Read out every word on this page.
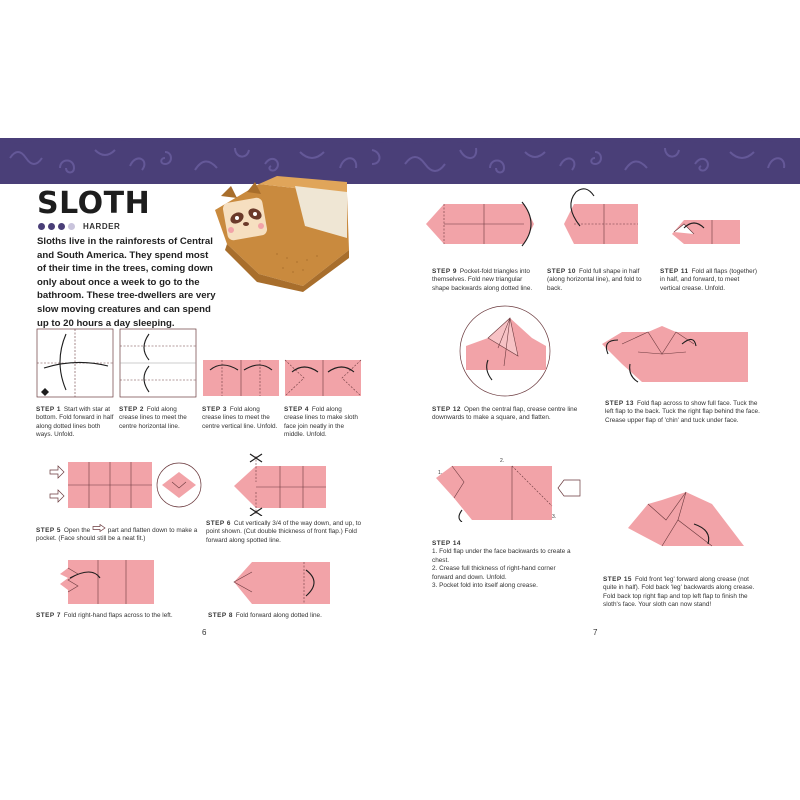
SLOTH
HARDER
Sloths live in the rainforests of Central and South America. They spend most of their time in the trees, coming down only about once a week to go to the bathroom. These tree-dwellers are very slow moving creatures and can spend up to 20 hours a day sleeping.
STEP 1 Start with star at bottom. Fold forward in half along dotted lines both ways. Unfold.
STEP 2 Fold along crease lines to meet the centre horizontal line.
STEP 3 Fold along crease lines to meet the centre vertical line. Unfold.
STEP 4 Fold along crease lines to make sloth face join neatly in the middle. Unfold.
STEP 5 Open the	part and flatten down to make a pocket. (Face should still be a neat fit.)
STEP 6 Cut vertically 3/4 of the way down, and up, to point shown. (Cut double thickness of front flap.) Fold forward along spotted line.
STEP 7 Fold right-hand flaps across to the left.	STEP 8 Fold forward along dotted line.
6
STEP 9 Pocket-fold triangles into themselves. Fold new triangular shape backwards along dotted line.
STEP 10 Fold full shape in half (along horizontal line), and fold to back.
STEP 11 Fold all flaps (together) in half, and forward, to meet vertical crease. Unfold.
STEP 12 Open the central flap, crease centre line downwards to make a square, and flatten.
STEP 13 Fold flap across to show full face. Tuck the left flap to the back. Tuck the right flap behind the face. Crease upper flap of 'chin' and tuck under face.
1.
2.
3.
STEP 14
1. Fold flap under the face backwards to create a chest.
2. Crease full thickness of right-hand corner forward and down. Unfold.
3. Pocket fold into itself along crease.
STEP 15 Fold front 'leg' forward along crease (not quite in half). Fold back 'leg' backwards along crease. Fold back top right flap and top left flap to finish the sloth's face. Your sloth can now stand!
7
